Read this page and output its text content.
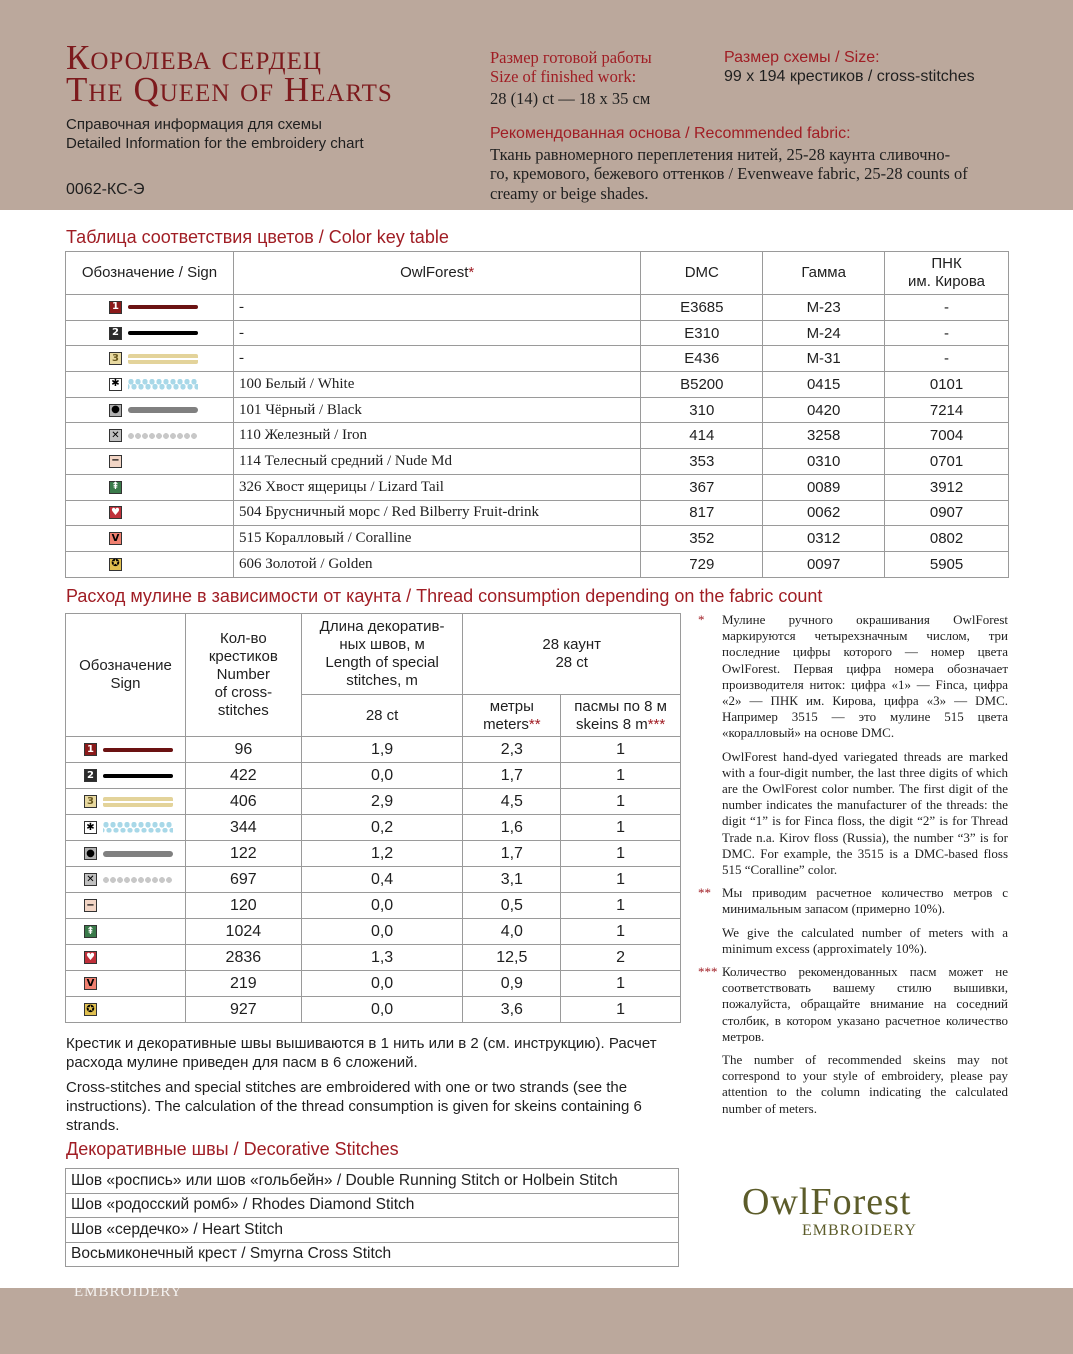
Королева сердец
The Queen of Hearts
Справочная информация для схемы
Detailed Information for the embroidery chart
0062-КС-Э
Размер готовой работы
Size of finished work:
28 (14) ct — 18 x 35 см
Размер схемы / Size:
99 x 194 крестиков / cross-stitches
Рекомендованная основа / Recommended fabric:
Ткань равномерного переплетения нитей, 25-28 каунта сливочно-
го, кремового, бежевого оттенков / Evenweave fabric, 25-28 counts of
creamy or beige shades.
Таблица соответствия цветов / Color key table
Обозначение / Sign	OwlForest*	DMC	Гамма	ПНК
им. Кирова

1	-	E3685	M-23	-

2	-	E310	M-24	-

3	-	E436	M-31	-

✱	100 Белый / White	B5200	0415	0101

●	101 Чёрный / Black	310	0420	7214

✕	110 Железный / Iron	414	3258	7004

−	114 Телесный средний / Nude Md	353	0310	0701

⇞	326 Хвост ящерицы / Lizard Tail	367	0089	3912

♥	504 Брусничный морс / Red Bilberry Fruit-drink	817	0062	0907

V	515 Коралловый / Coralline	352	0312	0802

✪	606 Золотой / Golden	729	0097	5905
Расход мулине в зависимости от каунта / Thread consumption depending on the fabric count
Обозначение
Sign	Кол-во
крестиков
Number
of cross-
stitches	Длина декоратив-
ных швов, м
Length of special
stitches, m	28 каунт
28 ct	
		28 ct	метры
meters**	пасмы по 8 м
skeins 8 m***

1	96	1,9	2,3	1

2	422	0,0	1,7	1

3	406	2,9	4,5	1

✱	344	0,2	1,6	1

●	122	1,2	1,7	1

✕	697	0,4	3,1	1

−	120	0,0	0,5	1

⇞	1024	0,0	4,0	1

♥	2836	1,3	12,5	2

V	219	0,0	0,9	1

✪	927	0,0	3,6	1
*	Мулине ручного окрашивания OwlForest маркируются четырехзначным числом, три последние цифры которого — номер цвета OwlForest. Первая цифра номера обозначает производителя ниток: цифра «1» — Finca, цифра «2» — ПНК им. Кирова, цифра «3» — DMC. Например 3515 — это мулине 515 цвета «коралловый» на основе DMC.
OwlForest hand-dyed variegated threads are marked with a four-digit number, the last three digits of which are the OwlForest color number. The first digit of the number indicates the manufacturer of the threads: the digit “1” is for Finca floss, the digit “2” is for Thread Trade n.a. Kirov floss (Russia), the number “3” is for DMC. For example, the 3515 is a DMC-based floss 515 “Coralline” color.
** Мы приводим расчетное количество метров с минимальным запасом (примерно 10%).
We give the calculated number of meters with a minimum excess (approximately 10%).
*** Количество рекомендованных пасм может не соответствовать вашему стилю вышивки, пожалуйста, обращайте внимание на соседний столбик, в котором указано расчетное количество метров.
The number of recommended skeins may not correspond to your style of embroidery, please pay attention to the column indicating the calculated number of meters.
Крестик и декоративные швы вышиваются в 1 нить или в 2 (см. инструкцию). Расчет расхода мулине приведен для пасм в 6 сложений.
Cross-stitches and special stitches are embroidered with one or two strands (see the instructions). The calculation of the thread consumption is given for skeins containing 6 strands.
Декоративные швы / Decorative Stitches
Шов «роспись» или шов «гольбейн» / Double Running Stitch or Holbein Stitch
Шов «родосский ромб» / Rhodes Diamond Stitch
Шов «сердечко» / Heart Stitch
Восьмиконечный крест / Smyrna Cross Stitch
OwlForest
EMBROIDERY
EMBROIDERY
